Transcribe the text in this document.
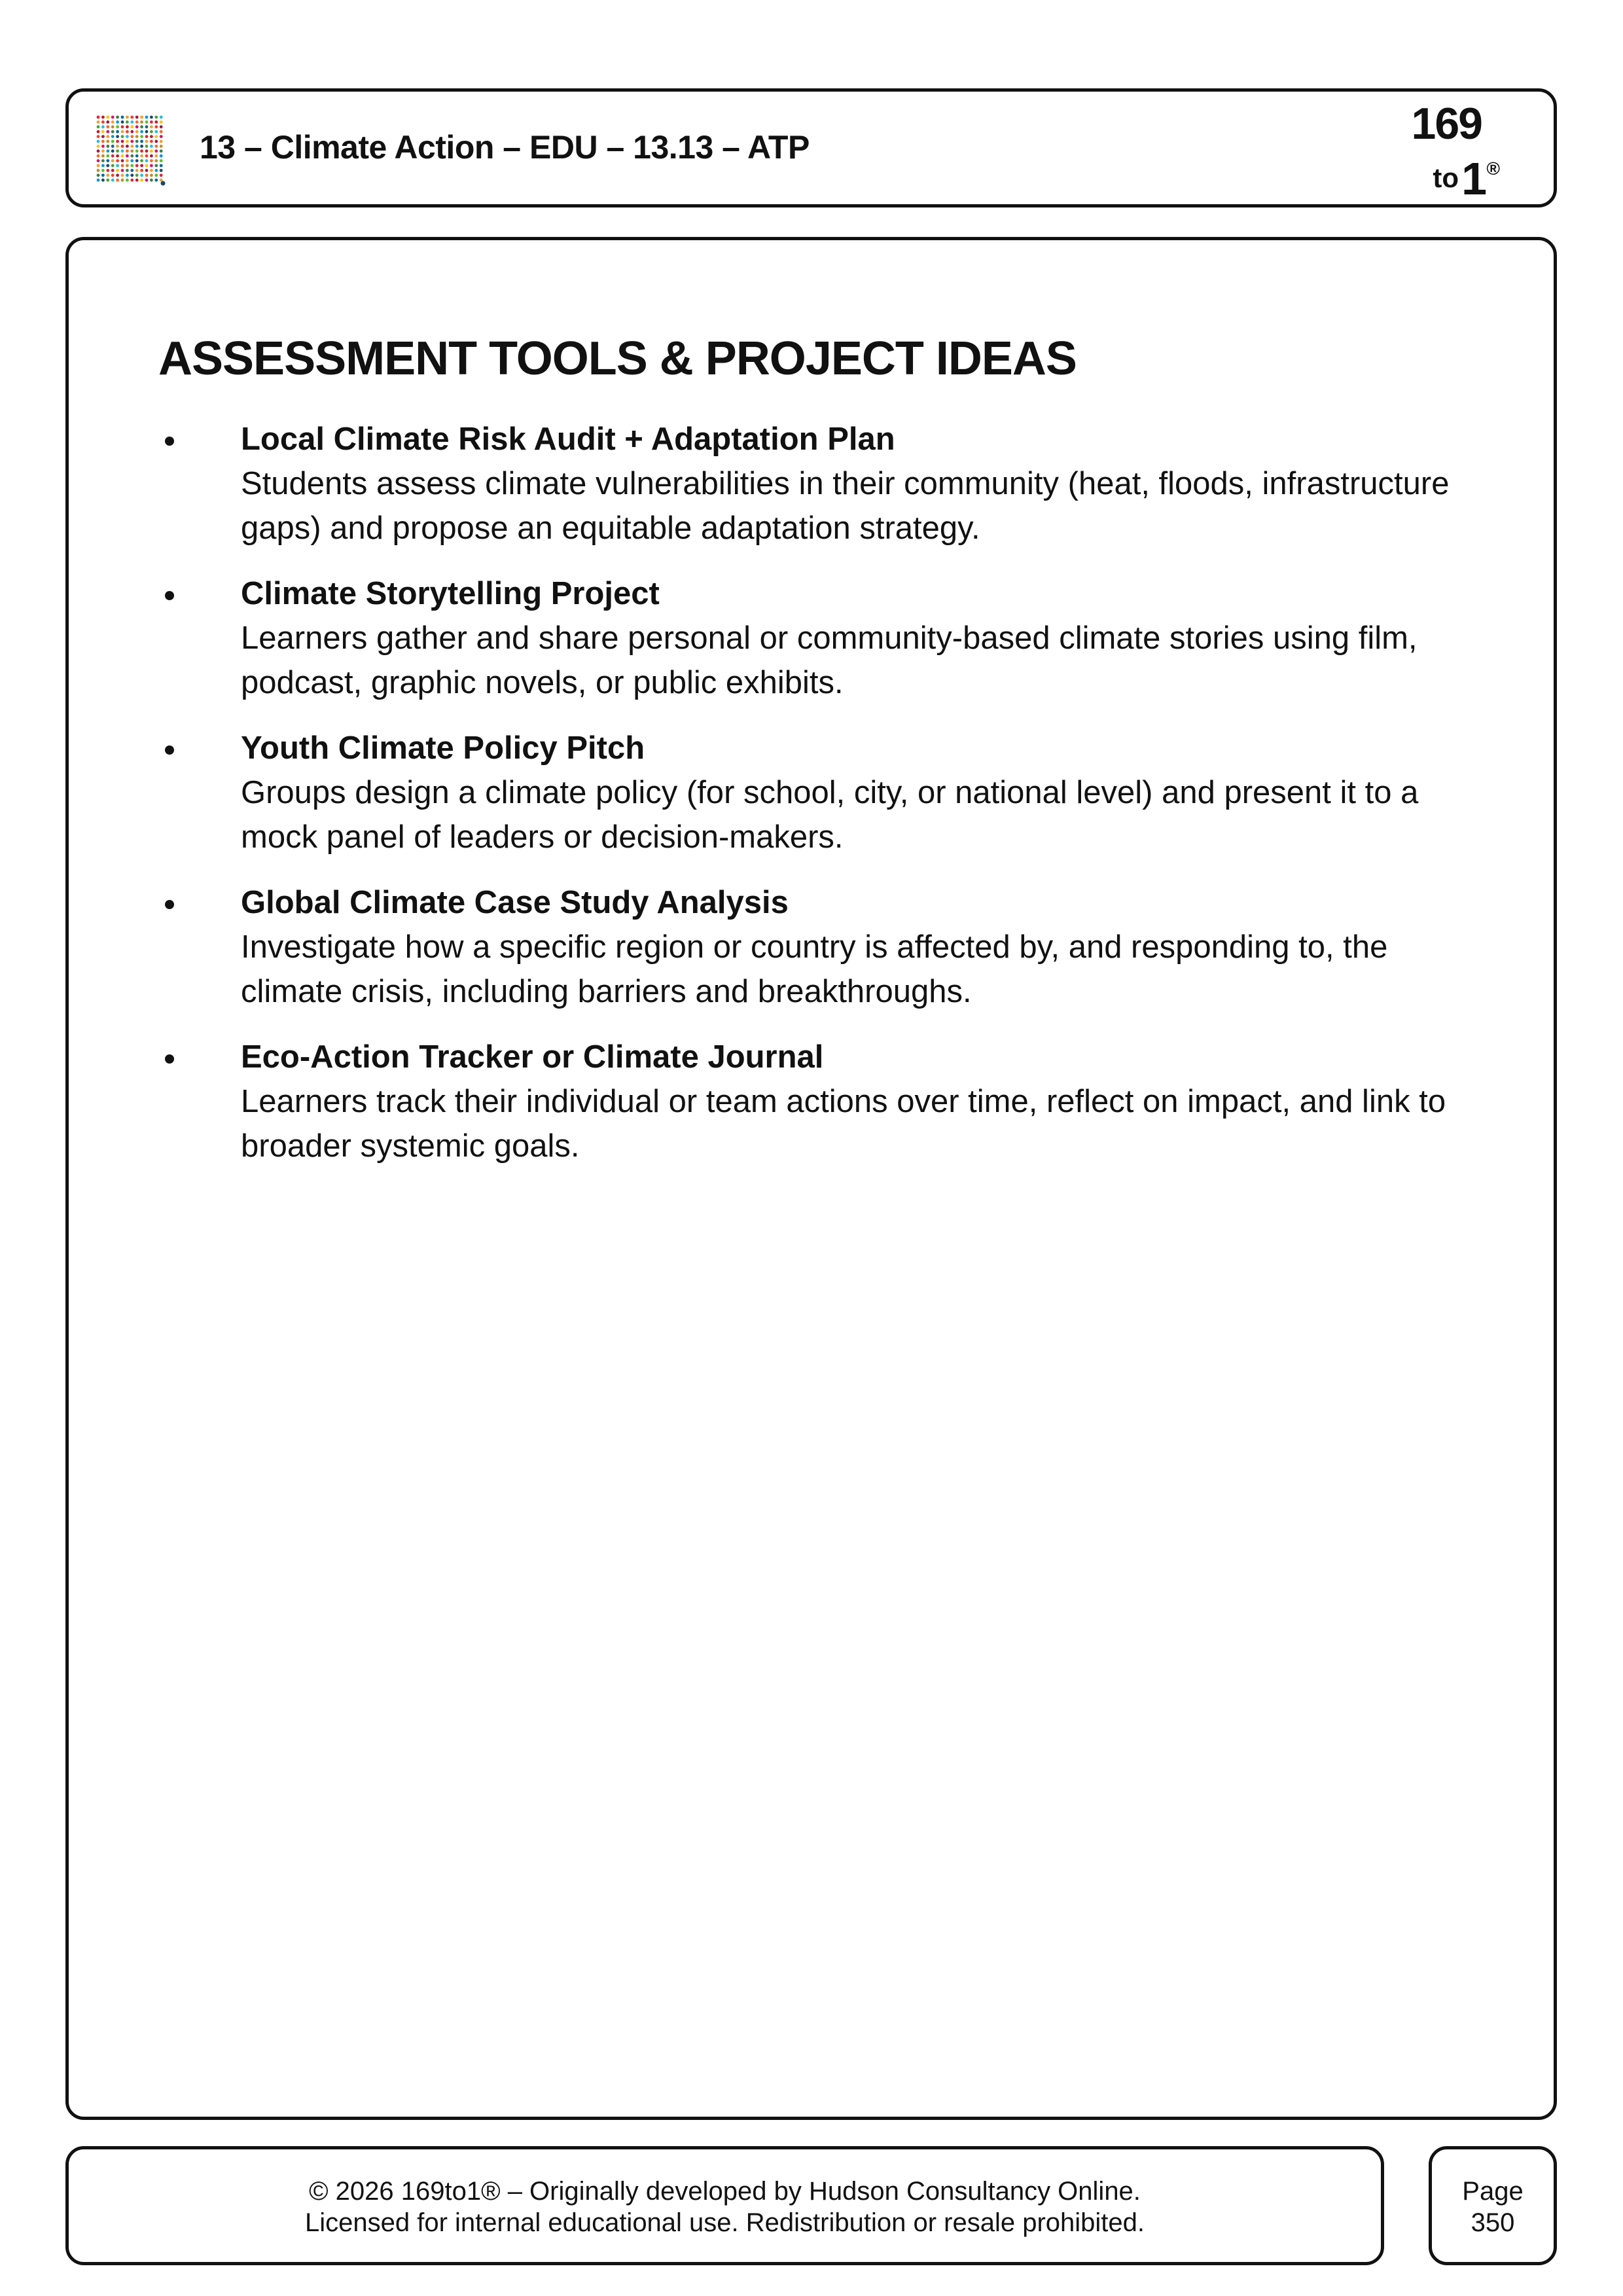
13 – Climate Action – EDU – 13.13 – ATP	169
to 1 ®
ASSESSMENT TOOLS & PROJECT IDEAS
Local Climate Risk Audit + Adaptation Plan
Students assess climate vulnerabilities in their community (heat, floods, infrastructure gaps) and propose an equitable adaptation strategy.
Climate Storytelling Project
Learners gather and share personal or community-based climate stories using film, podcast, graphic novels, or public exhibits.
Youth Climate Policy Pitch
Groups design a climate policy (for school, city, or national level) and present it to a mock panel of leaders or decision-makers.
Global Climate Case Study Analysis
Investigate how a specific region or country is affected by, and responding to, the climate crisis, including barriers and breakthroughs.
Eco-Action Tracker or Climate Journal
Learners track their individual or team actions over time, reflect on impact, and link to broader systemic goals.
© 2026 169to1® – Originally developed by Hudson Consultancy Online.
Licensed for internal educational use. Redistribution or resale prohibited.
Page
350
